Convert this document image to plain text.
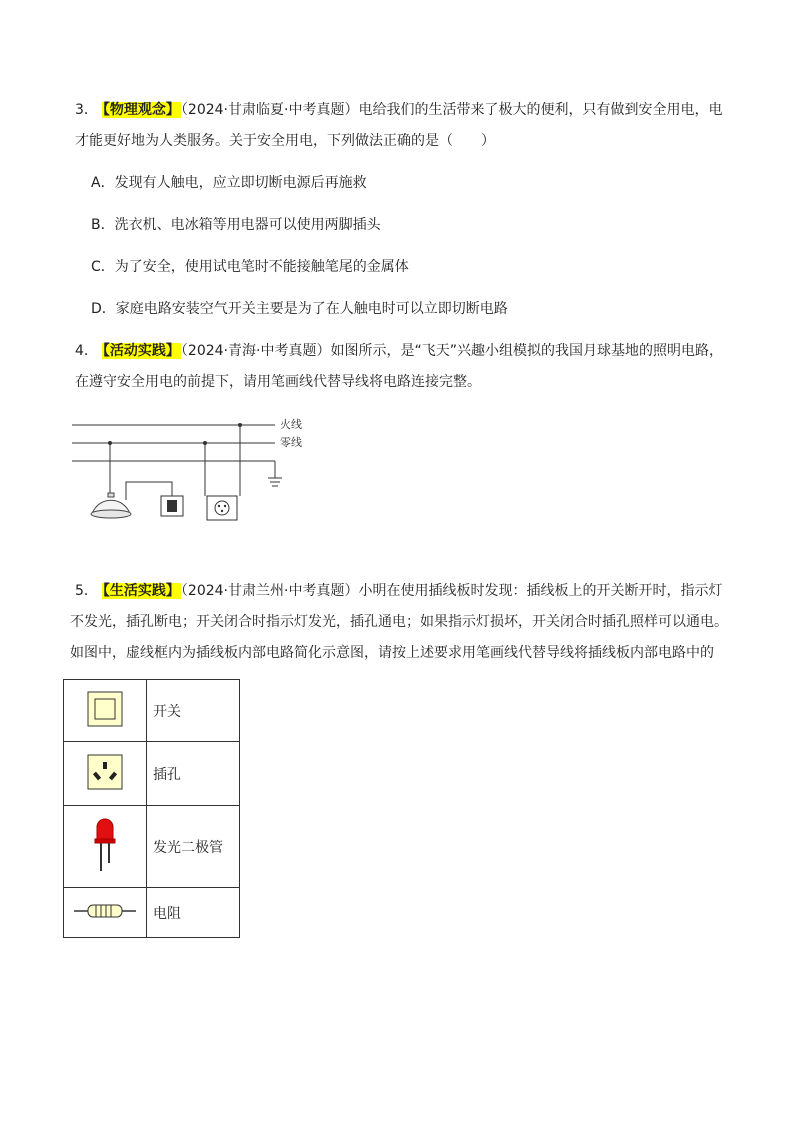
3． 【物理观念】（2024·甘肃临夏·中考真题）电给我们的生活带来了极大的便利，只有做到安全用电，电
才能更好地为人类服务。关于安全用电，下列做法正确的是（　　）
A．发现有人触电，应立即切断电源后再施救
B．洗衣机、电冰箱等用电器可以使用两脚插头
C．为了安全，使用试电笔时不能接触笔尾的金属体
D．家庭电路安装空气开关主要是为了在人触电时可以立即切断电路
4． 【活动实践】（2024·青海·中考真题）如图所示，是“飞天”兴趣小组模拟的我国月球基地的照明电路，
在遵守安全用电的前提下，请用笔画线代替导线将电路连接完整。
火线
零线
5． 【生活实践】（2024·甘肃兰州·中考真题）小明在使用插线板时发现：插线板上的开关断开时，指示灯
不发光，插孔断电；开关闭合时指示灯发光，插孔通电；如果指示灯损坏，开关闭合时插孔照样可以通电。
如图中，虚线框内为插线板内部电路简化示意图，请按上述要求用笔画线代替导线将插线板内部电路中的
	开关
	插孔
	发光二极管
	电阻
